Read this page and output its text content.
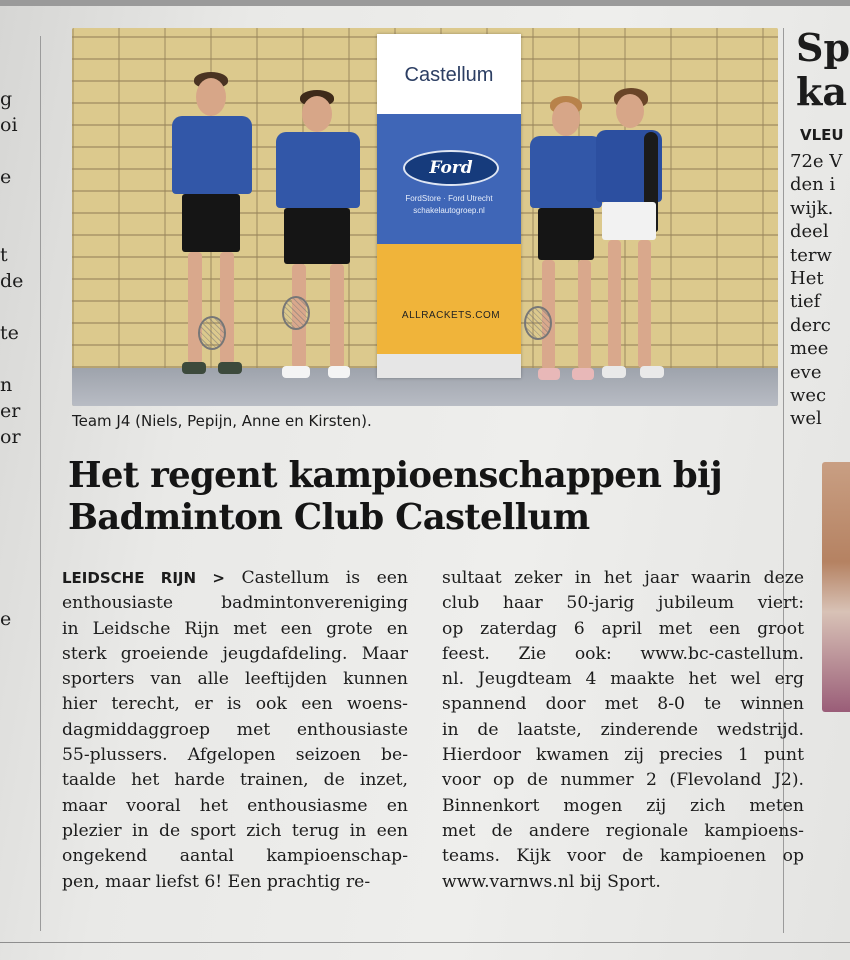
g
oi
e
t
de
te
n
er
or
e
Sp
ka
VLEU
72e V
den i
wijk.
deel
terw
Het
tief
derc
mee
eve
wec
wel
Castellum
Ford
FordStore · Ford Utrecht
schakelautogroep.nl
ALLRACKETS.COM
Team J4 (Niels, Pepijn, Anne en Kirsten).
Het regent kampioenschappen bij
Badminton Club Castellum
LEIDSCHE RIJN > Castellum is een
enthousiaste badmintonvereniging
in Leidsche Rijn met een grote en
sterk groeiende jeugdafdeling. Maar
sporters van alle leeftijden kunnen
hier terecht, er is ook een woens-
dagmiddaggroep met enthousiaste
55-plussers. Afgelopen seizoen be-
taalde het harde trainen, de inzet,
maar vooral het enthousiasme en
plezier in de sport zich terug in een
ongekend aantal kampioenschap-
pen, maar liefst 6! Een prachtig re-
sultaat zeker in het jaar waarin deze
club haar 50-jarig jubileum viert:
op zaterdag 6 april met een groot
feest. Zie ook: www.bc-castellum.
nl. Jeugdteam 4 maakte het wel erg
spannend door met 8-0 te winnen
in de laatste, zinderende wedstrijd.
Hierdoor kwamen zij precies 1 punt
voor op de nummer 2 (Flevoland J2).
Binnenkort mogen zij zich meten
met de andere regionale kampioens-
teams. Kijk voor de kampioenen op
www.varnws.nl bij Sport.
